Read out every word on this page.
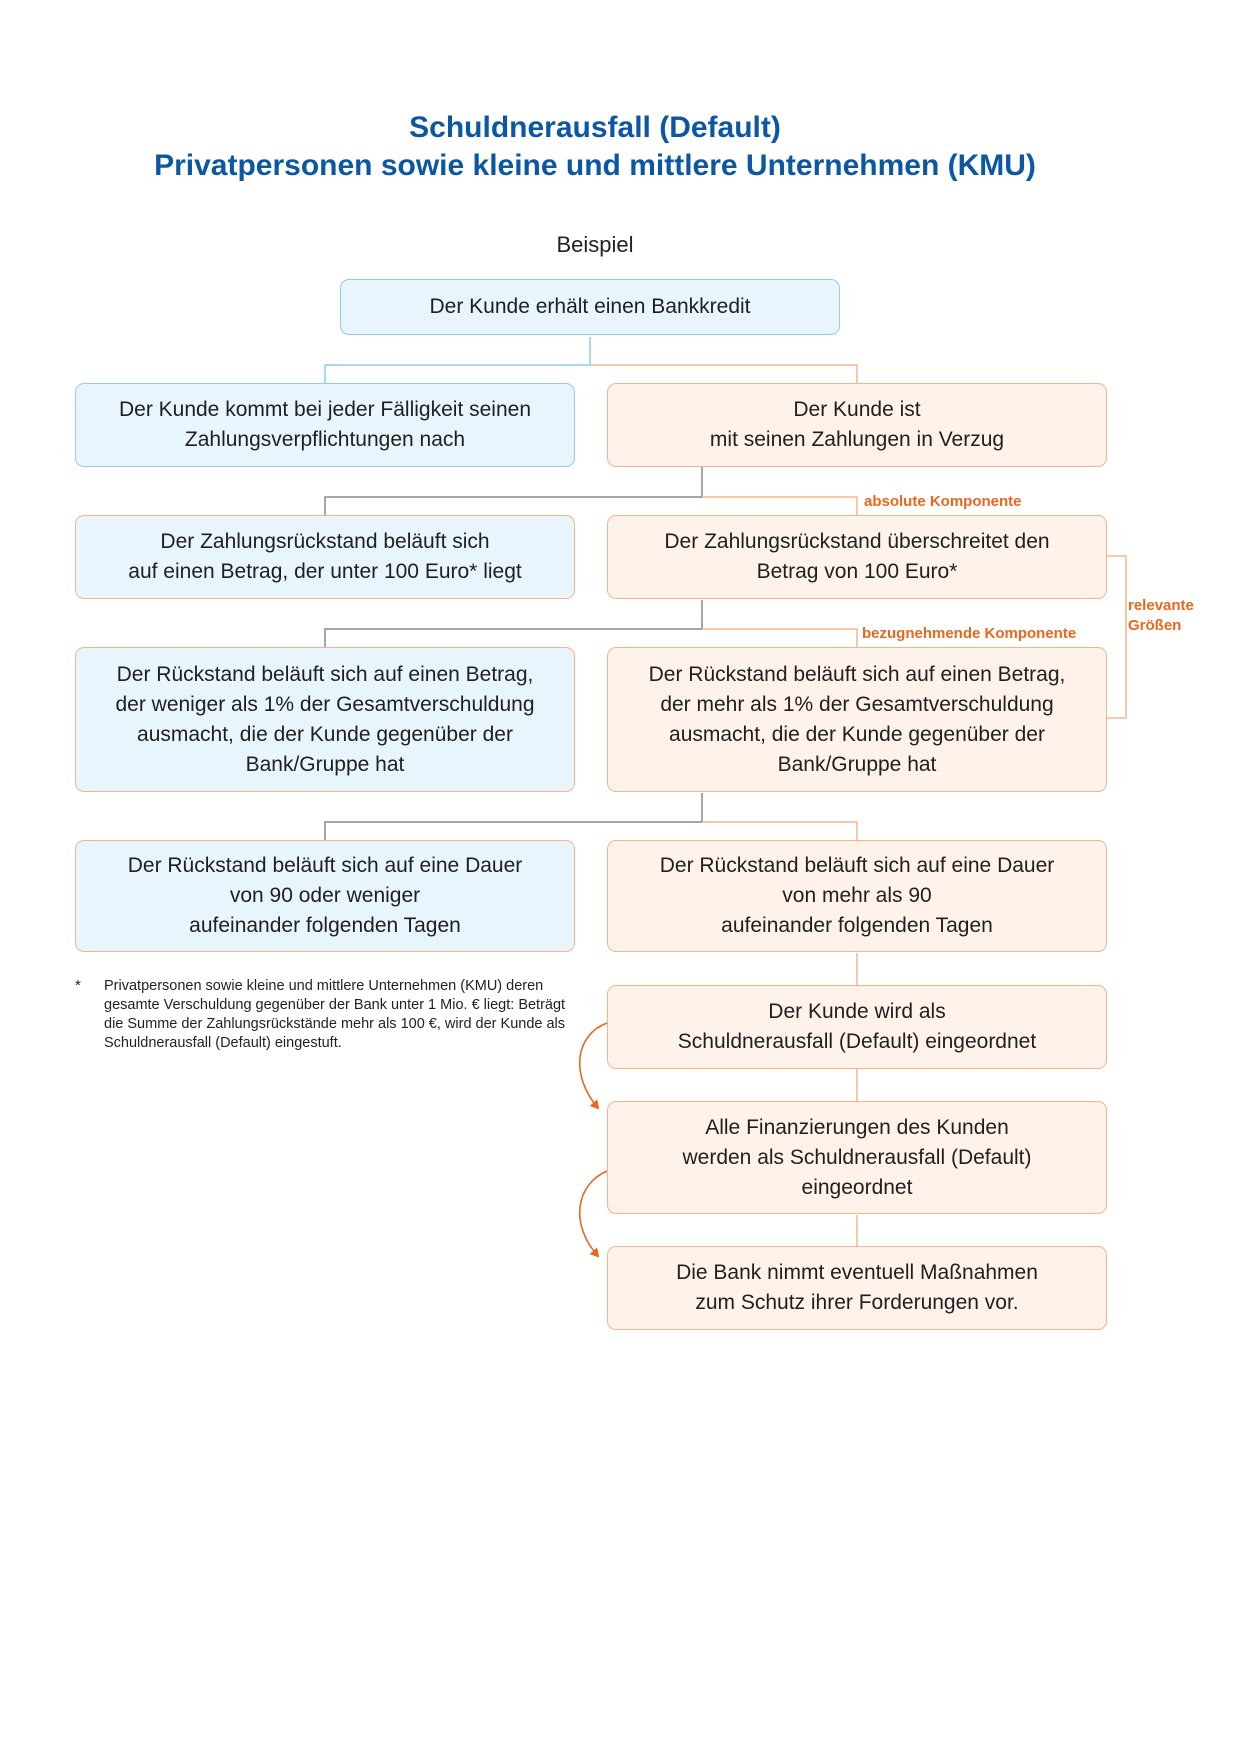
Schuldnerausfall (Default)
Privatpersonen sowie kleine und mittlere Unternehmen (KMU)
Beispiel
Der Kunde erhält einen Bankkredit
Der Kunde kommt bei jeder Fälligkeit seinen
Zahlungsverpflichtungen nach
Der Kunde ist
mit seinen Zahlungen in Verzug
absolute Komponente
Der Zahlungsrückstand beläuft sich
auf einen Betrag, der unter 100 Euro* liegt
Der Zahlungsrückstand überschreitet den
Betrag von 100 Euro*
relevante
Größen
bezugnehmende Komponente
Der Rückstand beläuft sich auf einen Betrag,
der weniger als 1% der Gesamtverschuldung
ausmacht, die der Kunde gegenüber der
Bank/Gruppe hat
Der Rückstand beläuft sich auf einen Betrag,
der mehr als 1% der Gesamtverschuldung
ausmacht, die der Kunde gegenüber der
Bank/Gruppe hat
Der Rückstand beläuft sich auf eine Dauer
von 90 oder weniger
aufeinander folgenden Tagen
Der Rückstand beläuft sich auf eine Dauer
von mehr als 90
aufeinander folgenden Tagen
Der Kunde wird als
Schuldnerausfall (Default) eingeordnet
Alle Finanzierungen des Kunden
werden als Schuldnerausfall (Default)
eingeordnet
Die Bank nimmt eventuell Maßnahmen
zum Schutz ihrer Forderungen vor.
* Privatpersonen sowie kleine und mittlere Unternehmen (KMU) deren gesamte Verschuldung gegenüber der Bank unter 1 Mio. € liegt: Beträgt die Summe der Zahlungsrückstände mehr als 100 €, wird der Kunde als Schuldnerausfall (Default) eingestuft.
